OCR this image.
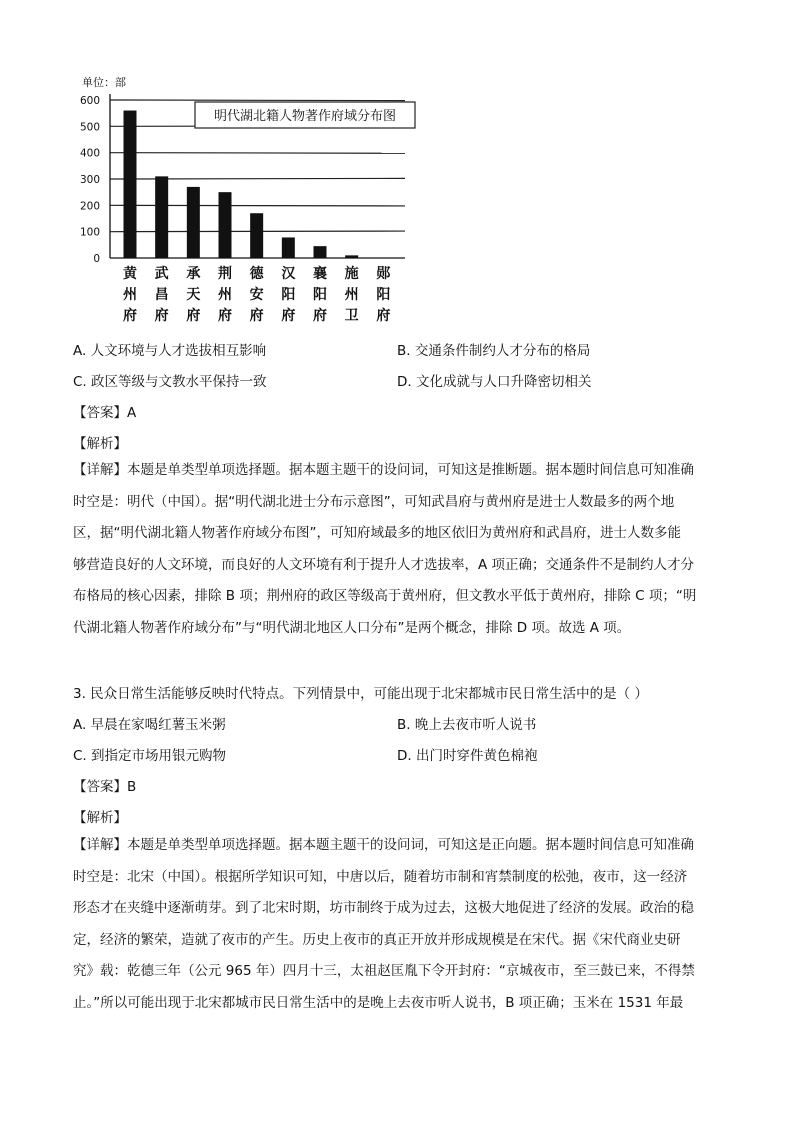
单位：部
0
100
200
300
400
500
600
黄
州
府
武
昌
府
承
天
府
荆
州
府
德
安
府
汉
阳
府
襄
阳
府
施
州
卫
郧
阳
府
明代湖北籍人物著作府域分布图
A. 人文环境与人才选拔相互影响	B. 交通条件制约人才分布的格局
C. 政区等级与文教水平保持一致	D. 文化成就与人口升降密切相关
【答案】A
【解析】
【详解】本题是单类型单项选择题。据本题主题干的设问词，可知这是推断题。据本题时间信息可知准确
时空是：明代（中国）。据“明代湖北进士分布示意图”，可知武昌府与黄州府是进士人数最多的两个地
区，据“明代湖北籍人物著作府域分布图”，可知府域最多的地区依旧为黄州府和武昌府，进士人数多能
够营造良好的人文环境，而良好的人文环境有利于提升人才选拔率，A 项正确；交通条件不是制约人才分
布格局的核心因素，排除 B 项；荆州府的政区等级高于黄州府，但文教水平低于黄州府，排除 C 项；“明
代湖北籍人物著作府域分布”与“明代湖北地区人口分布”是两个概念，排除 D 项。故选 A 项。
3. 民众日常生活能够反映时代特点。下列情景中，可能出现于北宋都城市民日常生活中的是（ ）
A. 早晨在家喝红薯玉米粥	B. 晚上去夜市听人说书
C. 到指定市场用银元购物	D. 出门时穿件黄色棉袍
【答案】B
【解析】
【详解】本题是单类型单项选择题。据本题主题干的设问词，可知这是正向题。据本题时间信息可知准确
时空是：北宋（中国）。根据所学知识可知，中唐以后，随着坊市制和宵禁制度的松弛，夜市，这一经济
形态才在夹缝中逐渐萌芽。到了北宋时期，坊市制终于成为过去，这极大地促进了经济的发展。政治的稳
定，经济的繁荣，造就了夜市的产生。历史上夜市的真正开放并形成规模是在宋代。据《宋代商业史研
究》载：乾德三年（公元 965 年）四月十三，太祖赵匡胤下令开封府：“京城夜市，至三鼓已来，不得禁
止。”所以可能出现于北宋都城市民日常生活中的是晚上去夜市听人说书，B 项正确；玉米在 1531 年最
